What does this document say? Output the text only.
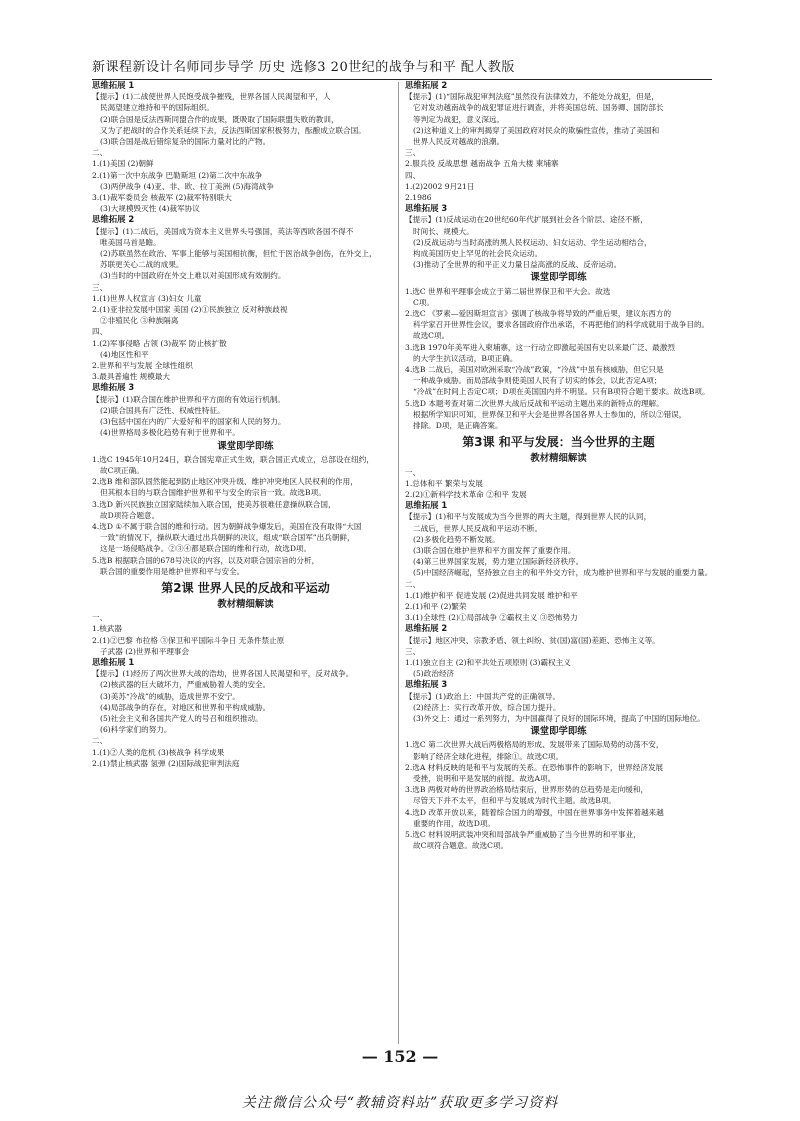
新课程新设计名师同步导学 历史 选修3 20世纪的战争与和平 配人教版
思维拓展 1
【提示】(1)二战使世界人民饱受战争摧残，世界各国人民渴望和平，人
民渴望建立维持和平的国际组织。
(2)联合国是反法西斯同盟合作的成果，既吸取了国际联盟失败的教训，
又为了把战时的合作关系延续下去，反法西斯国家积极努力，酝酿成立联合国。
(3)联合国是战后错综复杂的国际力量对比的产物。
二、
1.(1)美国 (2)朝鲜
2.(1)第一次中东战争 巴勒斯坦 (2)第二次中东战争
(3)两伊战争 (4)亚、非、欧、拉丁美洲 (5)海湾战争
3.(1)裁军委员会 核裁军 (2)裁军特别联大
(3)大规模毁灭性 (4)裁军协议
思维拓展 2
【提示】(1)二战后，美国成为资本主义世界头号强国，英法等西欧各国不得不
唯美国马首是瞻。
(2)苏联虽然在政治、军事上能够与美国相抗衡，但忙于医治战争创伤，在外交上，
苏联更关心二战的成果。
(3)当时的中国政府在外交上难以对美国形成有效制约。
三、
1.(1)世界人权宣言 (3)妇女 儿童
2.(1)亚非拉发展中国家 美国 (2)①民族独立 反对种族歧视
②非殖民化 ③种族隔离
四、
1.(2)军事侵略 占领 (3)裁军 防止核扩散
(4)地区性和平
2.世界和平与发展 全球性组织
3.最具普遍性 规模最大
思维拓展 3
【提示】(1)联合国在维护世界和平方面的有效运行机制。
(2)联合国具有广泛性、权威性特征。
(3)包括中国在内的广大爱好和平的国家和人民的努力。
(4)世界格局多极化趋势有利于世界和平。
课堂即学即练
1.选C 1945年10月24日，联合国宪章正式生效，联合国正式成立，总部设在纽约，
故C项正确。
2.选B 维和部队固然能起到防止地区冲突升级、维护冲突地区人民权利的作用，
但其根本目的与联合国维护世界和平与安全的宗旨一致。故选B项。
3.选D 新兴民族独立国家陆续加入联合国，使美苏很难任意操纵联合国，
故D项符合题意。
4.选D ①不属于联合国的维和行动。因为朝鲜战争爆发后，美国在没有取得“大国
一致”的情况下，操纵联大通过出兵朝鲜的决议，组成“联合国军”出兵朝鲜，
这是一场侵略战争。②③④都是联合国的维和行动，故选D项。
5.选B 根据联合国的678号决议的内容，以及对联合国宗旨的分析，
联合国的重要作用是维护世界和平与安全。
第2课 世界人民的反战和平运动
教材精细解读
一、
1.核武器
2.(1)②巴黎 布拉格 ③保卫和平国际斗争日 无条件禁止原
子武器 (2)世界和平理事会
思维拓展 1
【提示】(1)经历了两次世界大战的浩劫，世界各国人民渴望和平，反对战争。
(2)核武器的巨大破坏力，严重威胁着人类的安全。
(3)美苏“冷战”的威胁，造成世界不安宁。
(4)局部战争的存在，对地区和世界和平构成威胁。
(5)社会主义和各国共产党人的号召和组织推动。
(6)科学家们的努力。
二、
1.(1)②人类的危机 (3)核战争 科学成果
2.(1)禁止核武器 氢弹 (2)国际战犯审判法庭
思维拓展 2
【提示】(1)“国际战犯审判法庭”虽然没有法律效力，不能处分战犯，但是，
它对发动越南战争的战犯罪证进行调查，并将美国总统、国务卿、国防部长
等判定为战犯，意义深远。
(2)这种道义上的审判揭穿了美国政府对民众的欺骗性宣传，推动了美国和
世界人民反对越战的浪潮。
三、
2.服兵役 反战思想 越南战争 五角大楼 柬埔寨
四、
1.(2)2002 9月21日
2.1986
思维拓展 3
【提示】(1)反战运动在20世纪60年代扩展到社会各个阶层、途径不断，
时间长、规模大。
(2)反战运动与当时高涨的黑人民权运动、妇女运动、学生运动相结合，
构成美国历史上罕见的社会民众运动。
(3)推动了全世界的和平正义力量日益高涨的反战、反帝运动。
课堂即学即练
1.选C 世界和平理事会成立于第二届世界保卫和平大会。故选
C项。
2.选C 《罗素—爱因斯坦宣言》强调了核战争将导致的严重后果，建议东西方的
科学家召开世界性会议，要求各国政府作出承诺，不再把他们的科学成就用于战争目的。
故选C项。
3.选B 1970年美军进入柬埔寨，这一行动立即激起美国有史以来最广泛、最激烈
的大学生抗议活动，B项正确。
4.选B 二战后，美国对欧洲采取“冷战”政策，“冷战”中虽有核威胁，但它只是
一种战争威胁。而局部战争则使美国人民有了切实的体会，以此否定A项；
“冷战”在时间上否定C项；D项在美国国内并不明显。只有B项符合题干要求。故选B项。
5.选D 本题考查对第二次世界大战后反战和平运动主题出来的新特点的理解。
根据所学知识可知，世界保卫和平大会是世界各国各界人士参加的，所以②错误，
排除。D项，是正确答案。
第3课 和平与发展：当今世界的主题
教材精细解读
一、
1.总体和平 繁荣与发展
2.(2)①新科学技术革命 ②和平 发展
思维拓展 1
【提示】(1)和平与发展成为当今世界的两大主题，得到世界人民的认同，
二战后，世界人民反战和平运动不断。
(2)多极化趋势不断发展。
(3)联合国在维护世界和平方面发挥了重要作用。
(4)第三世界国家发展，势力建立国际新经济秩序。
(5)中国经济崛起，坚持独立自主的和平外交方针，成为维护世界和平与发展的重要力量。
二、
1.(1)维护和平 促进发展 (2)促进共同发展 维护和平
2.(1)和平 (2)繁荣
3.(1)全球性 (2)①局部战争 ②霸权主义 ③恐怖势力
思维拓展 2
【提示】地区冲突、宗教矛盾、领土纠纷、贫(国)富(国)差距、恐怖主义等。
三、
1.(1)独立自主 (2)和平共处五项原则 (3)霸权主义
(5)政治经济
思维拓展 3
【提示】(1)政治上：中国共产党的正确领导。
(2)经济上：实行改革开放，综合国力提升。
(3)外交上：通过一系列努力，为中国赢得了良好的国际环境，提高了中国的国际地位。
课堂即学即练
1.选C 第二次世界大战后两极格局的形成、发展带来了国际局势的动荡不安，
影响了经济全球化进程，排除①。故选C项。
2.选A 材料反映的是和平与发展的关系。在恐怖事件的影响下，世界经济发展
受挫，说明和平是发展的前提。故选A项。
3.选B 两极对峙的世界政治格局结束后，世界形势的总趋势是走向缓和，
尽管天下并不太平，但和平与发展成为时代主题。故选B项。
4.选D 改革开放以来，随着综合国力的增强，中国在世界事务中发挥着越来越
重要的作用，故选D项。
5.选C 材料说明武装冲突和局部战争严重威胁了当今世界的和平事业，
故C项符合题意。故选C项。
— 152 —
关注微信公众号“教辅资料站”获取更多学习资料
